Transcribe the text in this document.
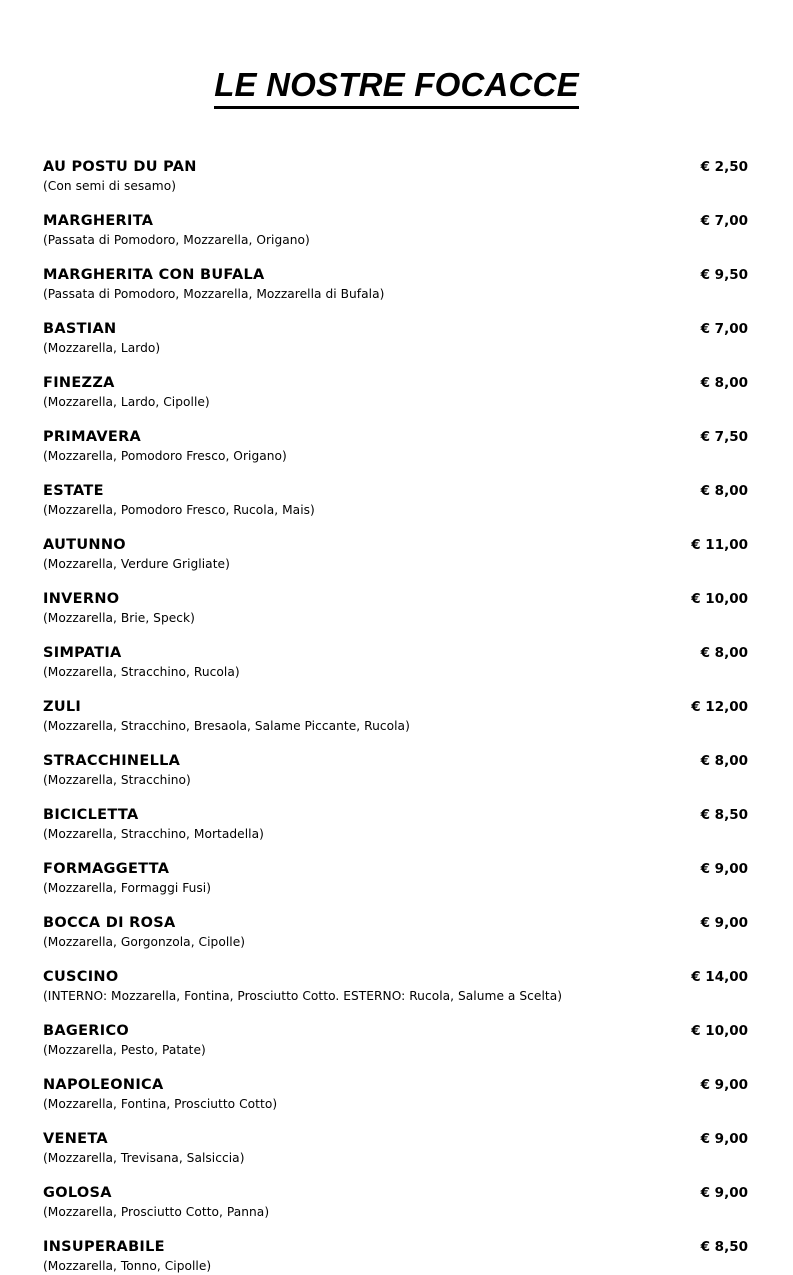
LE NOSTRE FOCACCE
AU POSTU DU PAN	€ 2,50
(Con semi di sesamo)
MARGHERITA	€ 7,00
(Passata di Pomodoro, Mozzarella, Origano)
MARGHERITA CON BUFALA	€ 9,50
(Passata di Pomodoro, Mozzarella, Mozzarella di Bufala)
BASTIAN	€ 7,00
(Mozzarella, Lardo)
FINEZZA	€ 8,00
(Mozzarella, Lardo, Cipolle)
PRIMAVERA	€ 7,50
(Mozzarella, Pomodoro Fresco, Origano)
ESTATE	€ 8,00
(Mozzarella, Pomodoro Fresco, Rucola, Mais)
AUTUNNO	€ 11,00
(Mozzarella, Verdure Grigliate)
INVERNO	€ 10,00
(Mozzarella, Brie, Speck)
SIMPATIA	€ 8,00
(Mozzarella, Stracchino, Rucola)
ZULI	€ 12,00
(Mozzarella, Stracchino, Bresaola, Salame Piccante, Rucola)
STRACCHINELLA	€ 8,00
(Mozzarella, Stracchino)
BICICLETTA	€ 8,50
(Mozzarella, Stracchino, Mortadella)
FORMAGGETTA	€ 9,00
(Mozzarella, Formaggi Fusi)
BOCCA DI ROSA	€ 9,00
(Mozzarella, Gorgonzola, Cipolle)
CUSCINO	€ 14,00
(INTERNO: Mozzarella, Fontina, Prosciutto Cotto. ESTERNO: Rucola, Salume a Scelta)
BAGERICO	€ 10,00
(Mozzarella, Pesto, Patate)
NAPOLEONICA	€ 9,00
(Mozzarella, Fontina, Prosciutto Cotto)
VENETA	€ 9,00
(Mozzarella, Trevisana, Salsiccia)
GOLOSA	€ 9,00
(Mozzarella, Prosciutto Cotto, Panna)
INSUPERABILE	€ 8,50
(Mozzarella, Tonno, Cipolle)
